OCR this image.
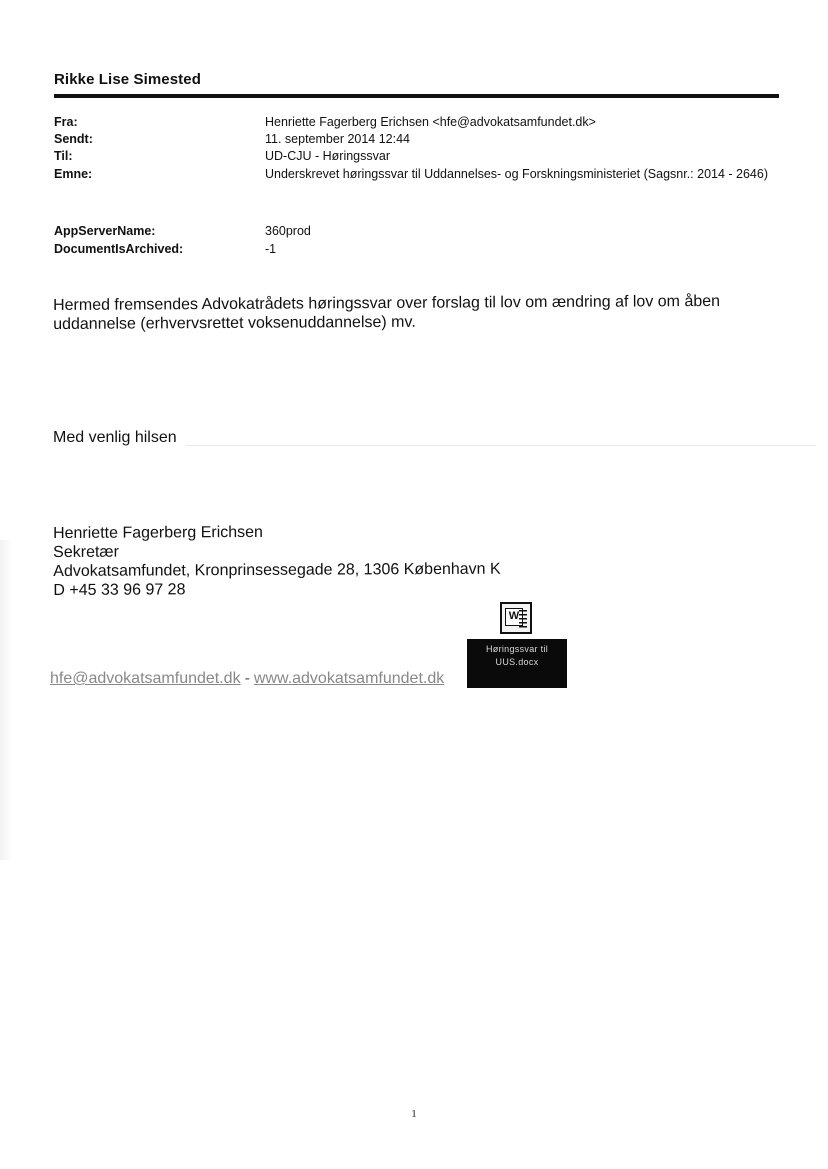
Rikke Lise Simested
Fra:	Henriette Fagerberg Erichsen <hfe@advokatsamfundet.dk>
Sendt:	11. september 2014 12:44
Til:	UD-CJU - Høringssvar
Emne:	Underskrevet høringssvar til Uddannelses- og Forskningsministeriet (Sagsnr.: 2014 - 2646)
AppServerName:	360prod
DocumentIsArchived:	-1
Hermed fremsendes Advokatrådets høringssvar over forslag til lov om ændring af lov om åben uddannelse (erhvervsrettet voksenuddannelse) mv.
Med venlig hilsen
Henriette Fagerberg Erichsen
Sekretær
Advokatsamfundet, Kronprinsessegade 28, 1306 København K
D +45 33 96 97 28
W
Høringssvar til
UUS.docx
hfe@advokatsamfundet.dk - www.advokatsamfundet.dk
1
